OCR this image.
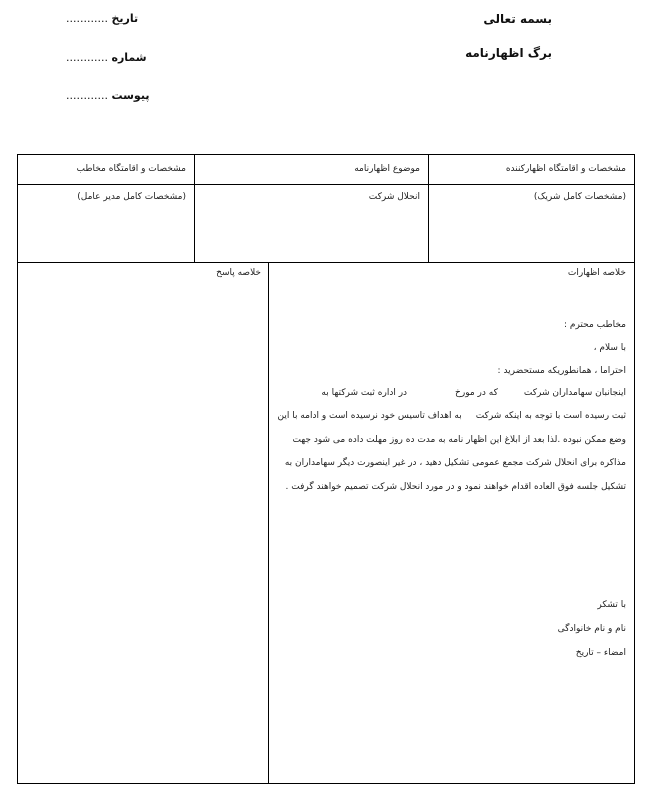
بسمه تعالی
برگ اظهارنامه
تاریخ ............
شماره ............
پیوست ............
مشخصات و اقامتگاه اظهارکننده
موضوع اظهارنامه
مشخصات و اقامتگاه مخاطب
(مشخصات کامل شریک)
انحلال شرکت
(مشخصات کامل مدیر عامل)
خلاصه اظهارات
خلاصه پاسخ
مخاطب محترم :
با سلام ،
احتراما ، همانطوریکه مستحضرید :
اینجانبان سهامداران شرکتکه در مورخدر اداره ثبت شرکتها به
ثبت رسیده است با توجه به اینکه شرکتبه اهداف تاسیس خود نرسیده است و ادامه با این
وضع ممکن نبوده .لذا بعد از ابلاغ این اظهار نامه به مدت ده روز مهلت داده می شود جهت
مذاکره برای انحلال شرکت مجمع عمومی تشکیل دهید ، در غیر اینصورت دیگر سهامداران به
تشکیل جلسه فوق العاده اقدام خواهند نمود و در مورد انحلال شرکت تصمیم خواهند گرفت .
با تشکر
نام و نام خانوادگی
امضاء – تاریخ
